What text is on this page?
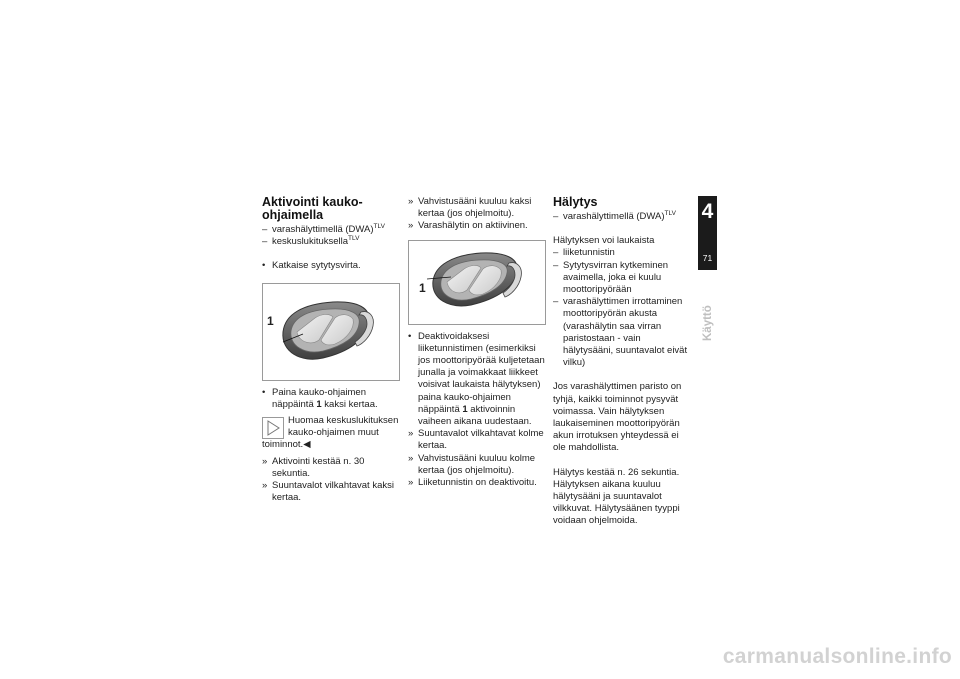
Aktivointi kauko-ohjaimella
– varashälyttimellä (DWA)$^{TLV}$
– keskuslukituksella$^{TLV}$
• Katkaise sytytysvirta.
1
• Paina kauko-ohjaimen näppäintä 1 kaksi kertaa.
Huomaa keskuslukituksen kauko-ohjaimen muut toiminnot.◀
» Aktivointi kestää n. 30 sekuntia.
» Suuntavalot vilkahtavat kaksi kertaa.
» Vahvistusääni kuuluu kaksi kertaa (jos ohjelmoitu).
» Varashälytin on aktiivinen.
1
• Deaktivoidaksesi liiketunnistimen (esimerkiksi jos moottoripyörää kuljetetaan junalla ja voimakkaat liikkeet voisivat laukaista hälytyksen) paina kauko-ohjaimen näppäintä 1 aktivoinnin vaiheen aikana uudestaan.
» Suuntavalot vilkahtavat kolme kertaa.
» Vahvistusääni kuuluu kolme kertaa (jos ohjelmoitu).
» Liiketunnistin on deaktivoitu.
Hälytys
– varashälyttimellä (DWA)$^{TLV}$

Hälytyksen voi laukaista

– liiketunnistin
– Sytytysvirran kytkeminen avaimella, joka ei kuulu moottoripyörään
– varashälyttimen irrottaminen moottoripyörän akusta (varashälytin saa virran paristostaan - vain hälytysääni, suuntavalot eivät vilku)

Jos varashälyttimen paristo on tyhjä, kaikki toiminnot pysyvät voimassa. Vain hälytyksen laukaiseminen moottoripyörän akun irrotuksen yhteydessä ei ole mahdollista.

Hälytys kestää n. 26 sekuntia. Hälytyksen aikana kuuluu hälytysääni ja suuntavalot vilkkuvat. Hälytysäänen tyyppi voidaan ohjelmoida.

4
71
Käyttö
carmanualsonline.info
